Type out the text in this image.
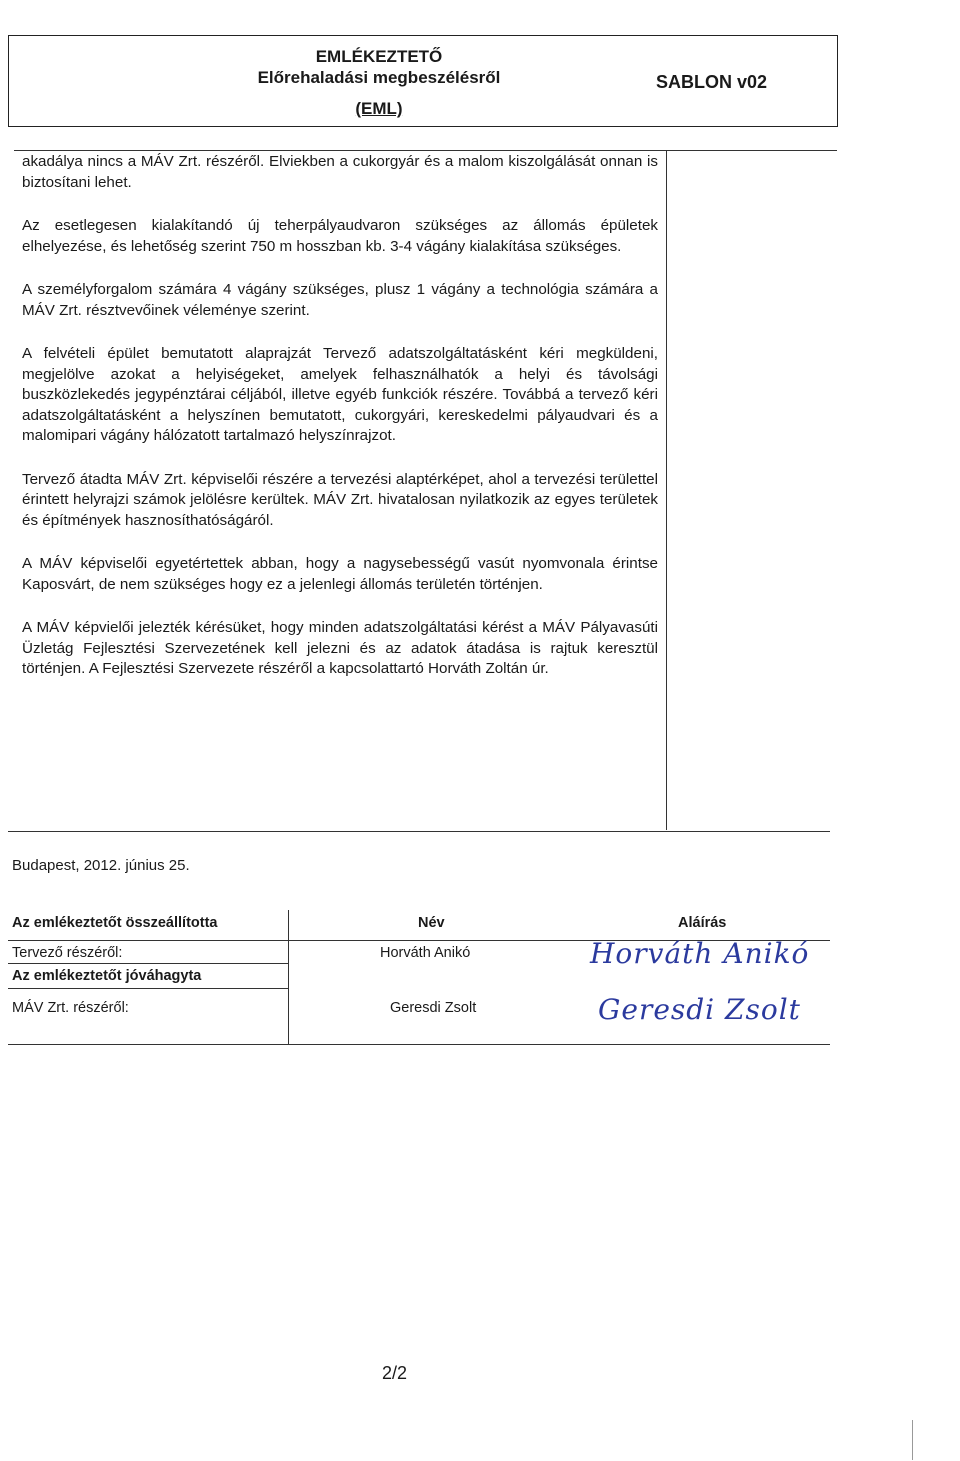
EMLÉKEZTETŐ
Előrehaladási megbeszélésről
(EML)
SABLON v02

akadálya nincs a MÁV Zrt. részéről. Elviekben a cukorgyár és a malom kiszolgálását onnan is biztosítani lehet.

Az esetlegesen kialakítandó új teherpályaudvaron szükséges az állomás épületek elhelyezése, és lehetőség szerint 750 m hosszban kb. 3-4 vágány kialakítása szükséges.

A személyforgalom számára 4 vágány szükséges, plusz 1 vágány a technológia számára a MÁV Zrt. résztvevőinek véleménye szerint.

A felvételi épület bemutatott alaprajzát Tervező adatszolgáltatásként kéri megküldeni, megjelölve azokat a helyiségeket, amelyek felhasználhatók a helyi és távolsági buszközlekedés jegypénztárai céljából, illetve egyéb funkciók részére. Továbbá a tervező kéri adatszolgáltatásként a helyszínen bemutatott, cukorgyári, kereskedelmi pályaudvari és a malomipari vágány hálózatott tartalmazó helyszínrajzot.

Tervező átadta MÁV Zrt. képviselői részére a tervezési alaptérképet, ahol a tervezési területtel érintett helyrajzi számok jelölésre kerültek. MÁV Zrt. hivatalosan nyilatkozik az egyes területek és építmények hasznosíthatóságáról.

A MÁV képviselői egyetértettek abban, hogy a nagysebességű vasút nyomvonala érintse Kaposvárt, de nem szükséges hogy ez a jelenlegi állomás területén történjen.

A MÁV képvielői jelezték kérésüket, hogy minden adatszolgáltatási kérést a MÁV Pályavasúti Üzletág Fejlesztési Szervezetének kell jelezni és az adatok átadása is rajtuk keresztül történjen. A Fejlesztési Szervezete részéről a kapcsolattartó Horváth Zoltán úr.

Budapest, 2012. június 25.
Az emlékeztetőt összeállította	Név	Aláírás
Tervező részéről:	Horváth Anikó	Horváth Anikó
Az emlékeztetőt jóváhagyta
MÁV Zrt. részéről:	Geresdi Zsolt	Geresdi Zsolt
2/2
